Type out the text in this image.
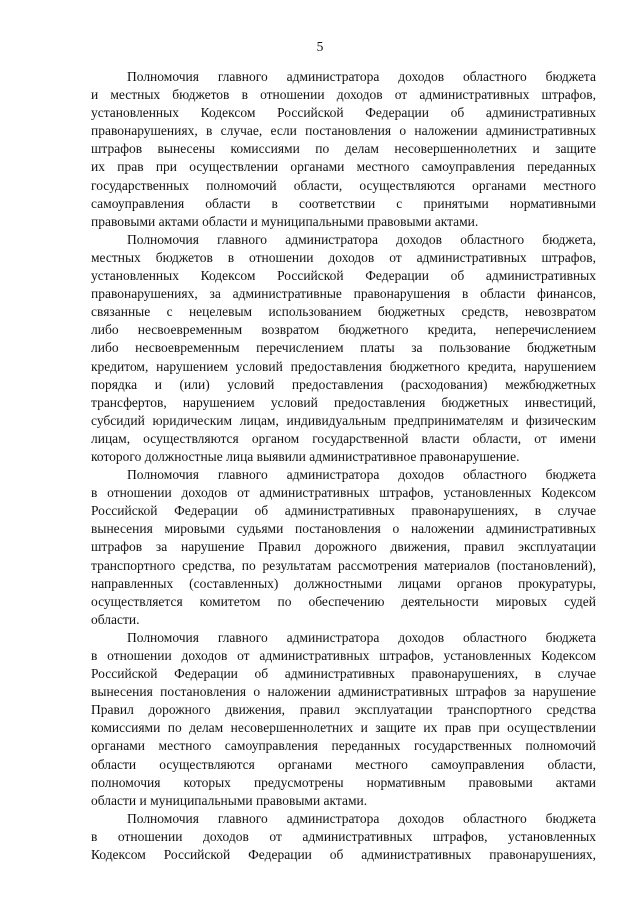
5

Полномочия главного администратора доходов областного бюджета
и местных бюджетов в отношении доходов от административных штрафов,
установленных Кодексом Российской Федерации об административных
правонарушениях, в случае, если постановления о наложении административных
штрафов вынесены комиссиями по делам несовершеннолетних и защите
их прав при осуществлении органами местного самоуправления переданных
государственных полномочий области, осуществляются органами местного
самоуправления области в соответствии с принятыми нормативными
правовыми актами области и муниципальными правовыми актами.

Полномочия главного администратора доходов областного бюджета,
местных бюджетов в отношении доходов от административных штрафов,
установленных Кодексом Российской Федерации об административных
правонарушениях, за административные правонарушения в области финансов,
связанные с нецелевым использованием бюджетных средств, невозвратом
либо несвоевременным возвратом бюджетного кредита, неперечислением
либо несвоевременным перечислением платы за пользование бюджетным
кредитом, нарушением условий предоставления бюджетного кредита, нарушением
порядка и (или) условий предоставления (расходования) межбюджетных
трансфертов, нарушением условий предоставления бюджетных инвестиций,
субсидий юридическим лицам, индивидуальным предпринимателям и физическим
лицам, осуществляются органом государственной власти области, от имени
которого должностные лица выявили административное правонарушение.

Полномочия главного администратора доходов областного бюджета
в отношении доходов от административных штрафов, установленных Кодексом
Российской Федерации об административных правонарушениях, в случае
вынесения мировыми судьями постановления о наложении административных
штрафов за нарушение Правил дорожного движения, правил эксплуатации
транспортного средства, по результатам рассмотрения материалов (постановлений),
направленных (составленных) должностными лицами органов прокуратуры,
осуществляется комитетом по обеспечению деятельности мировых судей
области.

Полномочия главного администратора доходов областного бюджета
в отношении доходов от административных штрафов, установленных Кодексом
Российской Федерации об административных правонарушениях, в случае
вынесения постановления о наложении административных штрафов за нарушение
Правил дорожного движения, правил эксплуатации транспортного средства
комиссиями по делам несовершеннолетних и защите их прав при осуществлении
органами местного самоуправления переданных государственных полномочий
области осуществляются органами местного самоуправления области,
полномочия которых предусмотрены нормативным правовыми актами
области и муниципальными правовыми актами.

Полномочия главного администратора доходов областного бюджета
в отношении доходов от административных штрафов, установленных
Кодексом Российской Федерации об административных правонарушениях,
